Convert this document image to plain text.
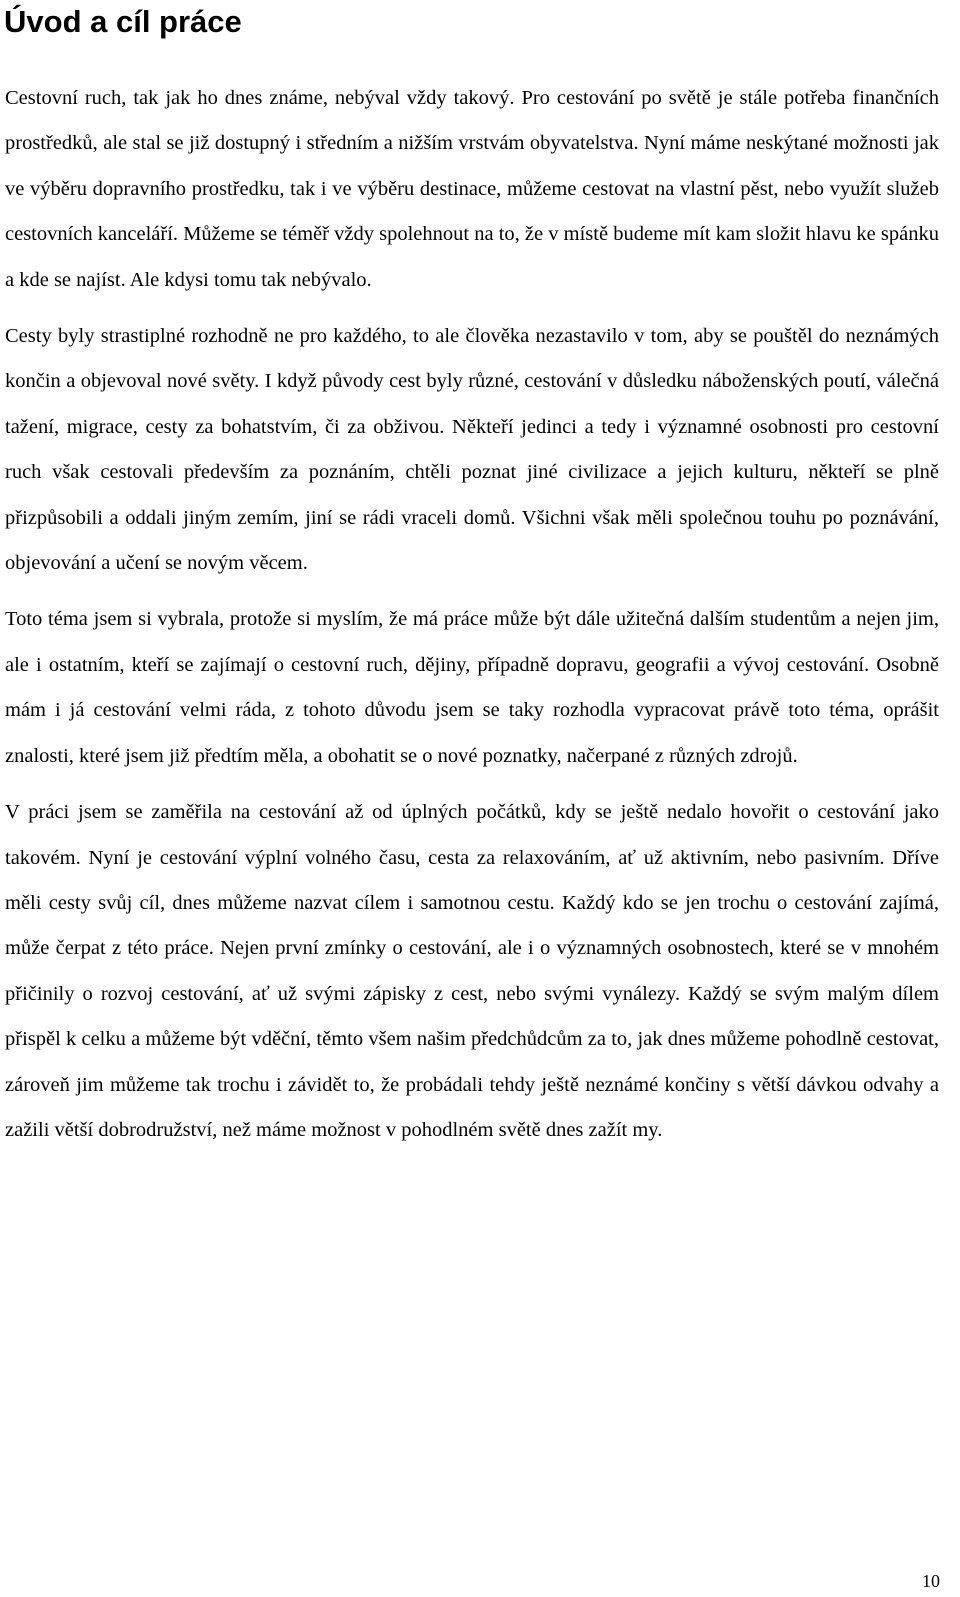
Úvod a cíl práce

Cestovní ruch, tak jak ho dnes známe, nebýval vždy takový. Pro cestování po světě je stále potřeba finančních prostředků, ale stal se již dostupný i středním a nižším vrstvám obyvatelstva. Nyní máme neskýtané možnosti jak ve výběru dopravního prostředku, tak i ve výběru destinace, můžeme cestovat na vlastní pěst, nebo využít služeb cestovních kanceláří. Můžeme se téměř vždy spolehnout na to, že v místě budeme mít kam složit hlavu ke spánku a kde se najíst. Ale kdysi tomu tak nebývalo.

Cesty byly strastiplné rozhodně ne pro každého, to ale člověka nezastavilo v tom, aby se pouštěl do neznámých končin a objevoval nové světy. I když původy cest byly různé, cestování v důsledku náboženských poutí, válečná tažení, migrace, cesty za bohatstvím, či za obživou. Někteří jedinci a tedy i významné osobnosti pro cestovní ruch však cestovali především za poznáním, chtěli poznat jiné civilizace a jejich kulturu, někteří se plně přizpůsobili a oddali jiným zemím, jiní se rádi vraceli domů. Všichni však měli společnou touhu po poznávání, objevování a učení se novým věcem.

Toto téma jsem si vybrala, protože si myslím, že má práce může být dále užitečná dalším studentům a nejen jim, ale i ostatním, kteří se zajímají o cestovní ruch, dějiny, případně dopravu, geografii a vývoj cestování. Osobně mám i já cestování velmi ráda, z tohoto důvodu jsem se taky rozhodla vypracovat právě toto téma, oprášit znalosti, které jsem již předtím měla, a obohatit se o nové poznatky, načerpané z různých zdrojů.

V práci jsem se zaměřila na cestování až od úplných počátků, kdy se ještě nedalo hovořit o cestování jako takovém. Nyní je cestování výplní volného času, cesta za relaxováním, ať už aktivním, nebo pasivním. Dříve měli cesty svůj cíl, dnes můžeme nazvat cílem i samotnou cestu. Každý kdo se jen trochu o cestování zajímá, může čerpat z této práce. Nejen první zmínky o cestování, ale i o významných osobnostech, které se v mnohém přičinily o rozvoj cestování, ať už svými zápisky z cest, nebo svými vynálezy. Každý se svým malým dílem přispěl k celku a můžeme být vděční, těmto všem našim předchůdcům za to, jak dnes můžeme pohodlně cestovat, zároveň jim můžeme tak trochu i závidět to, že probádali tehdy ještě neznámé končiny s větší dávkou odvahy a zažili větší dobrodružství, než máme možnost v pohodlném světě dnes zažít my.

10
